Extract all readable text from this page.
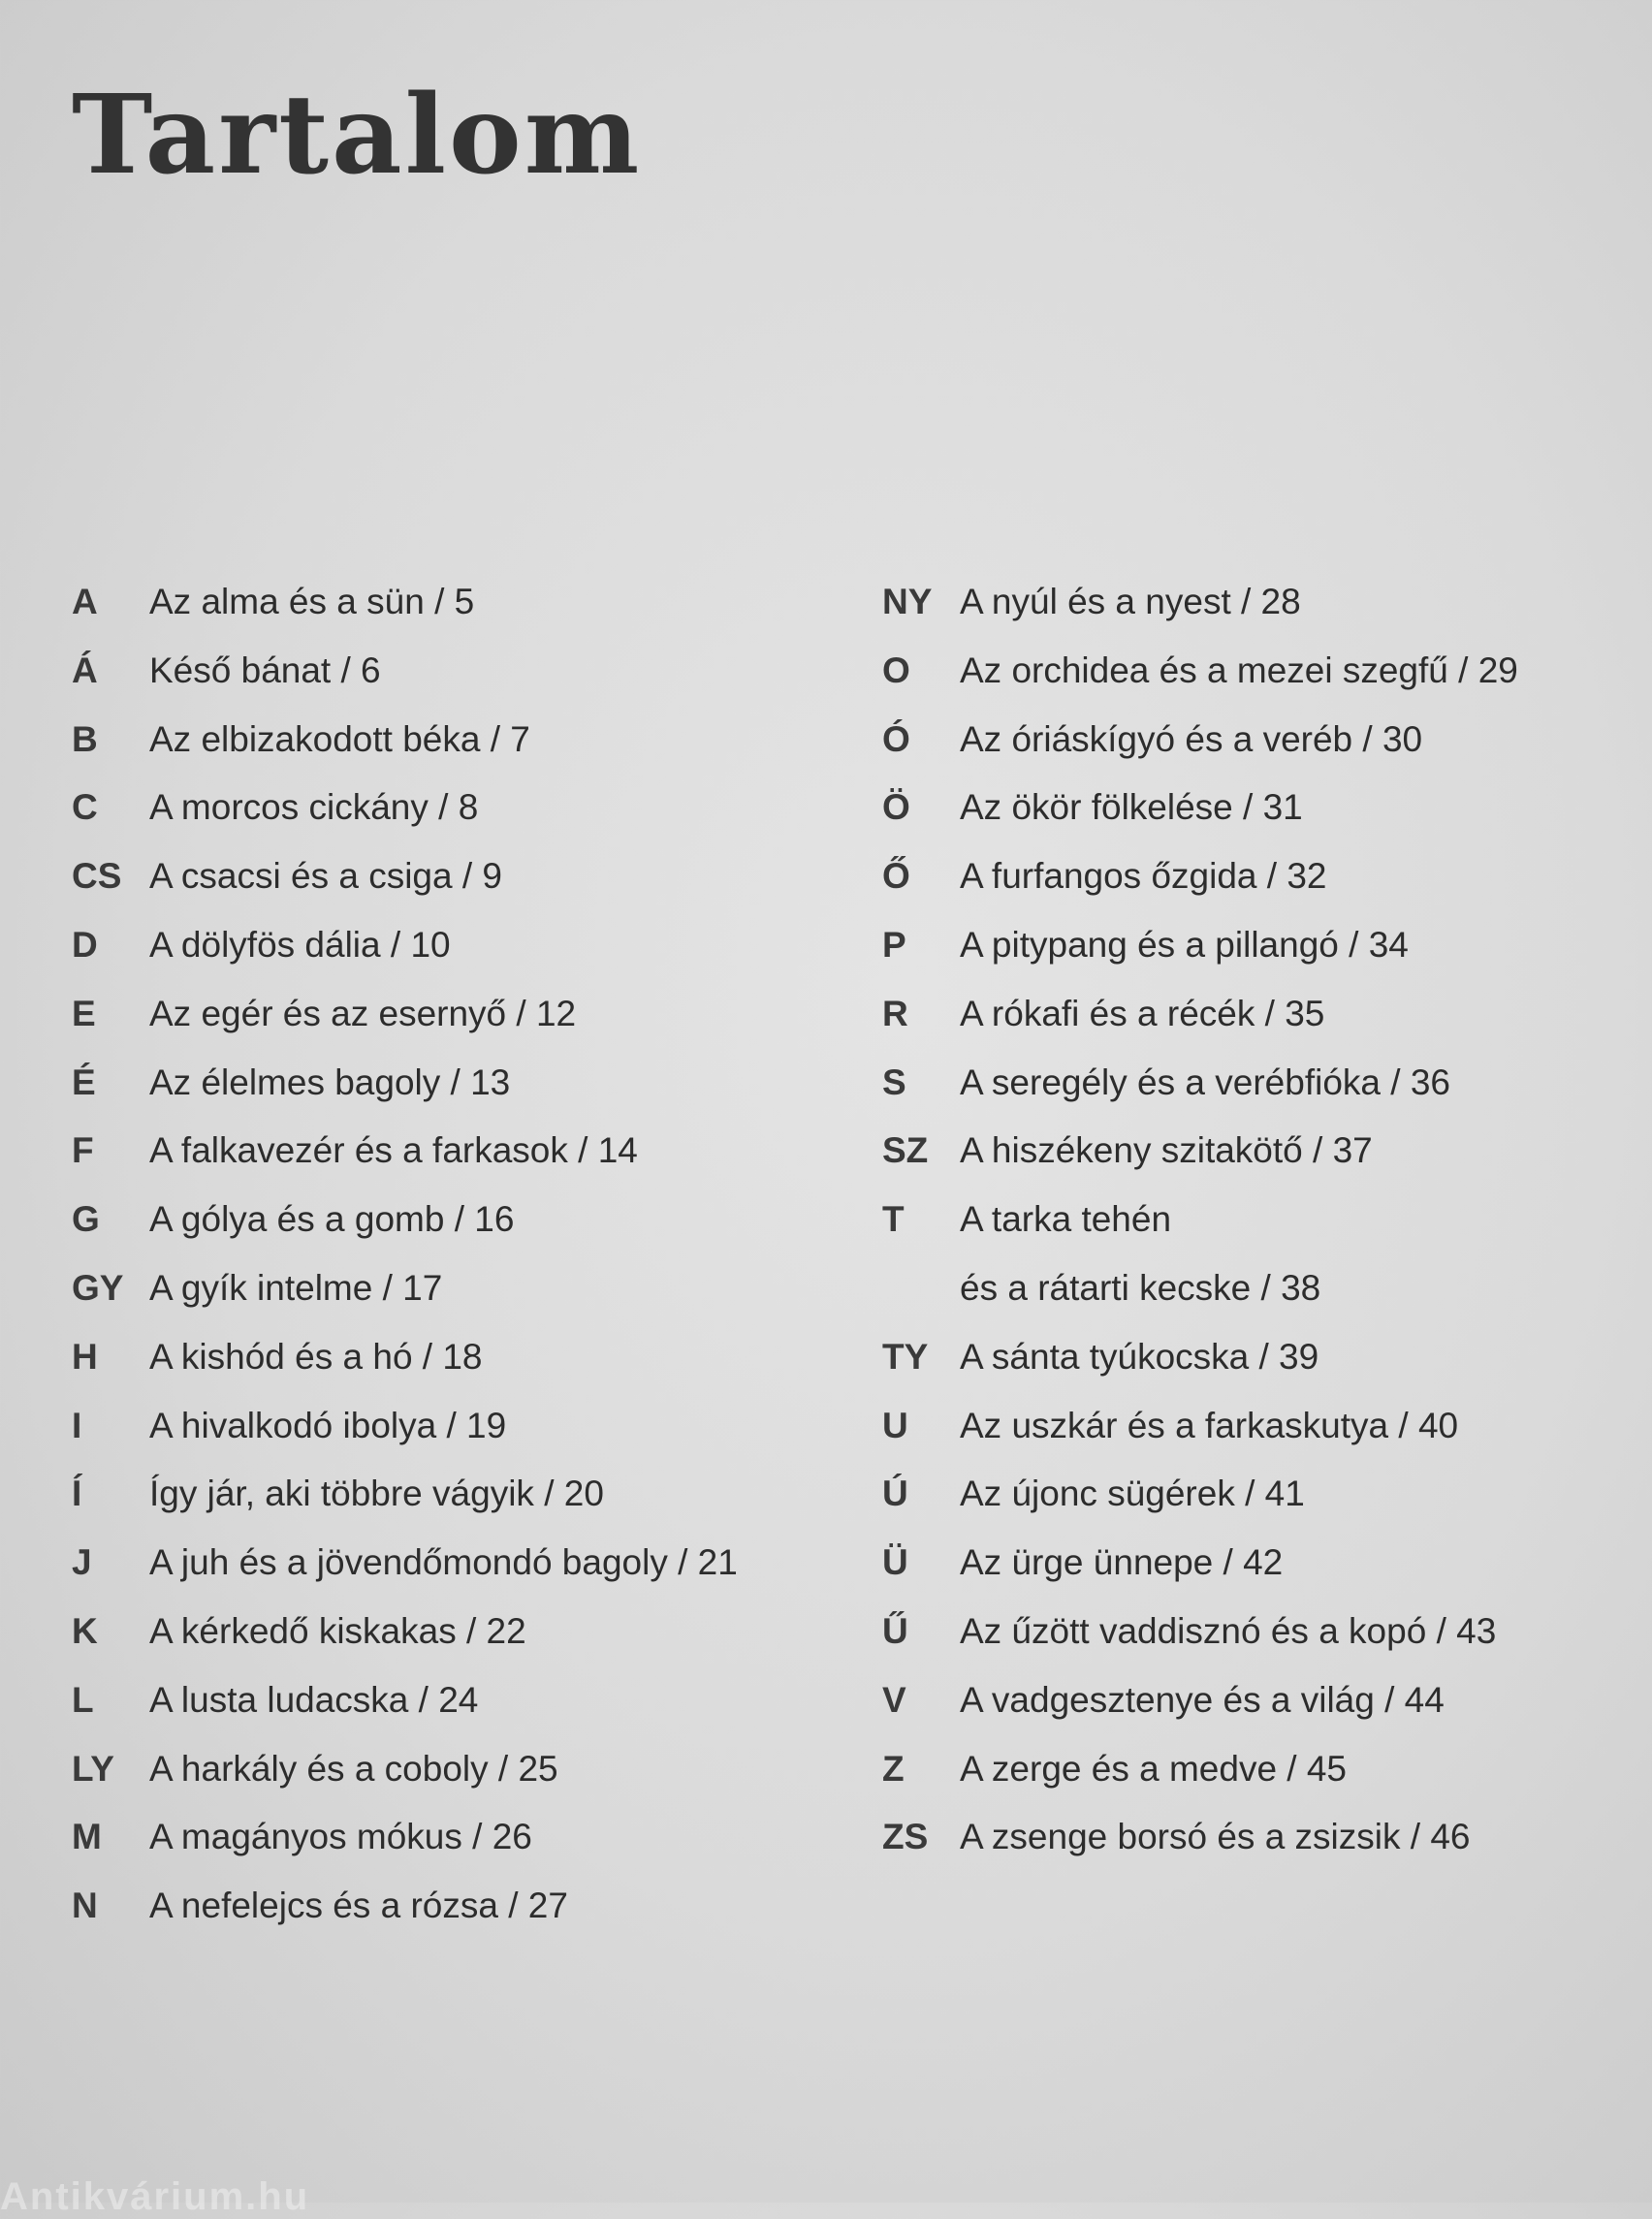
Tartalom
A	Az alma és a sün / 5
Á	Késő bánat / 6
B	Az elbizakodott béka / 7
C	A morcos cickány / 8
CS A csacsi és a csiga / 9
D	A dölyfös dália / 10
E	Az egér és az esernyő / 12
É	Az élelmes bagoly / 13
F	A falkavezér és a farkasok / 14
G	A gólya és a gomb / 16
GY A gyík intelme / 17
H	A kishód és a hó / 18
I	A hivalkodó ibolya / 19
Í	Így jár, aki többre vágyik / 20
J	A juh és a jövendőmondó bagoly / 21
K	A kérkedő kiskakas / 22
L	A lusta ludacska / 24
LY A harkály és a coboly / 25
M	A magányos mókus / 26
N	A nefelejcs és a rózsa / 27
NY A nyúl és a nyest / 28
O	Az orchidea és a mezei szegfű / 29
Ó	Az óriáskígyó és a veréb / 30
Ö	Az ökör fölkelése / 31
Ő	A furfangos őzgida / 32
P	A pitypang és a pillangó / 34
R	A rókafi és a récék / 35
S	A seregély és a verébfióka / 36
SZ A hiszékeny szitakötő / 37
T	A tarka tehén
és a rátarti kecske / 38
TY A sánta tyúkocska / 39
U	Az uszkár és a farkaskutya / 40
Ú	Az újonc sügérek / 41
Ü	Az ürge ünnepe / 42
Ű	Az űzött vaddisznó és a kopó / 43
V	A vadgesztenye és a világ / 44
Z	A zerge és a medve / 45
ZS A zsenge borsó és a zsizsik / 46
Antikvárium.hu
